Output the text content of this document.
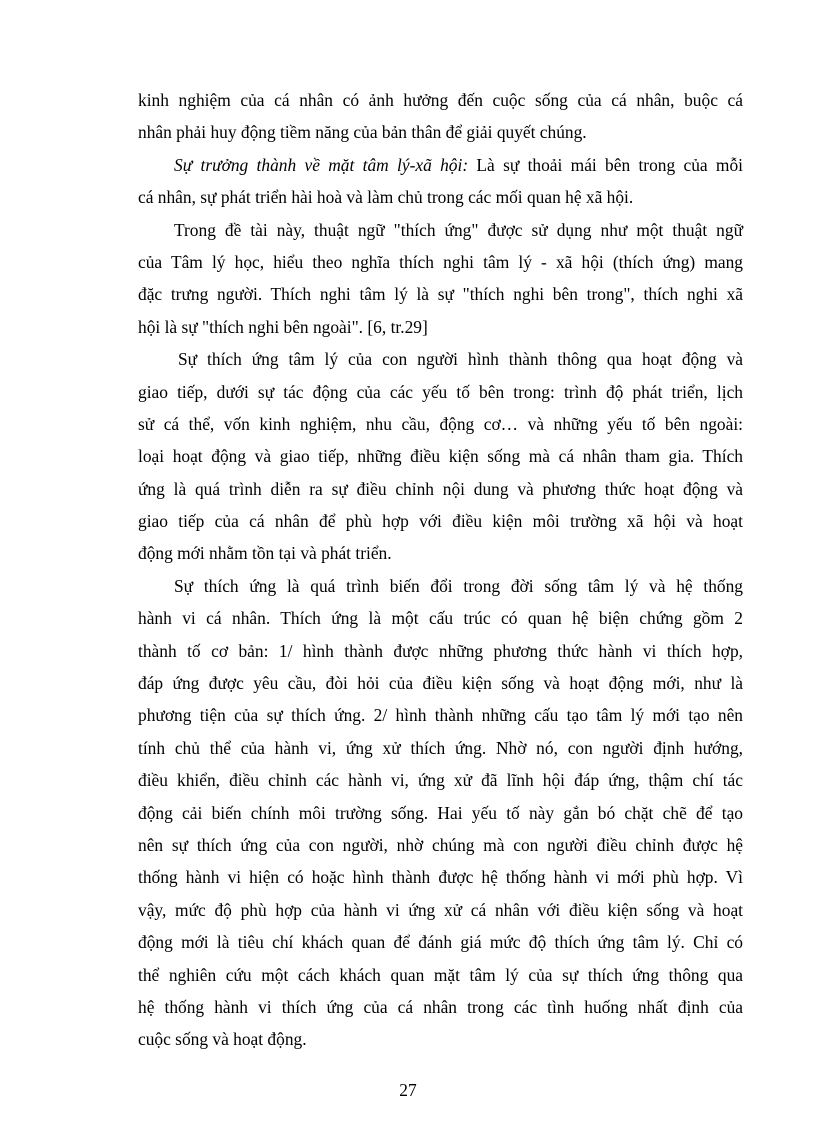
kinh nghiệm của cá nhân có ảnh hưởng đến cuộc sống của cá nhân, buộc cá
nhân phải huy động tiềm năng của bản thân để giải quyết chúng.
Sự trưởng thành về mặt tâm lý-xã hội: Là sự thoải mái bên trong của mỗi
cá nhân, sự phát triển hài hoà và làm chủ trong các mối quan hệ xã hội.
Trong đề tài này, thuật ngữ "thích ứng" được sử dụng như một thuật ngữ
của Tâm lý học, hiểu theo nghĩa thích nghi tâm lý - xã hội (thích ứng) mang
đặc trưng người. Thích nghi tâm lý là sự "thích nghi bên trong", thích nghi xã
hội là sự "thích nghi bên ngoài". [6, tr.29]
Sự thích ứng tâm lý của con người hình thành thông qua hoạt động và
giao tiếp, dưới sự tác động của các yếu tố bên trong: trình độ phát triển, lịch
sử cá thể, vốn kinh nghiệm, nhu cầu, động cơ… và những yếu tố bên ngoài:
loại hoạt động và giao tiếp, những điều kiện sống mà cá nhân tham gia. Thích
ứng là quá trình diễn ra sự điều chỉnh nội dung và phương thức hoạt động và
giao tiếp của cá nhân để phù hợp với điều kiện môi trường xã hội và hoạt
động mới nhằm tồn tại và phát triển.
Sự thích ứng là quá trình biến đổi trong đời sống tâm lý và hệ thống
hành vi cá nhân. Thích ứng là một cấu trúc có quan hệ biện chứng gồm 2
thành tố cơ bản: 1/ hình thành được những phương thức hành vi thích hợp,
đáp ứng được yêu cầu, đòi hỏi của điều kiện sống và hoạt động mới, như là
phương tiện của sự thích ứng. 2/ hình thành những cấu tạo tâm lý mới tạo nên
tính chủ thể của hành vi, ứng xử thích ứng. Nhờ nó, con người định hướng,
điều khiển, điều chỉnh các hành vi, ứng xử đã lĩnh hội đáp ứng, thậm chí tác
động cải biến chính môi trường sống. Hai yếu tố này gắn bó chặt chẽ để tạo
nên sự thích ứng của con người, nhờ chúng mà con người điều chỉnh được hệ
thống hành vi hiện có hoặc hình thành được hệ thống hành vi mới phù hợp. Vì
vậy, mức độ phù hợp của hành vi ứng xử cá nhân với điều kiện sống và hoạt
động mới là tiêu chí khách quan để đánh giá mức độ thích ứng tâm lý. Chỉ có
thể nghiên cứu một cách khách quan mặt tâm lý của sự thích ứng thông qua
hệ thống hành vi thích ứng của cá nhân trong các tình huống nhất định của
cuộc sống và hoạt động.
27
